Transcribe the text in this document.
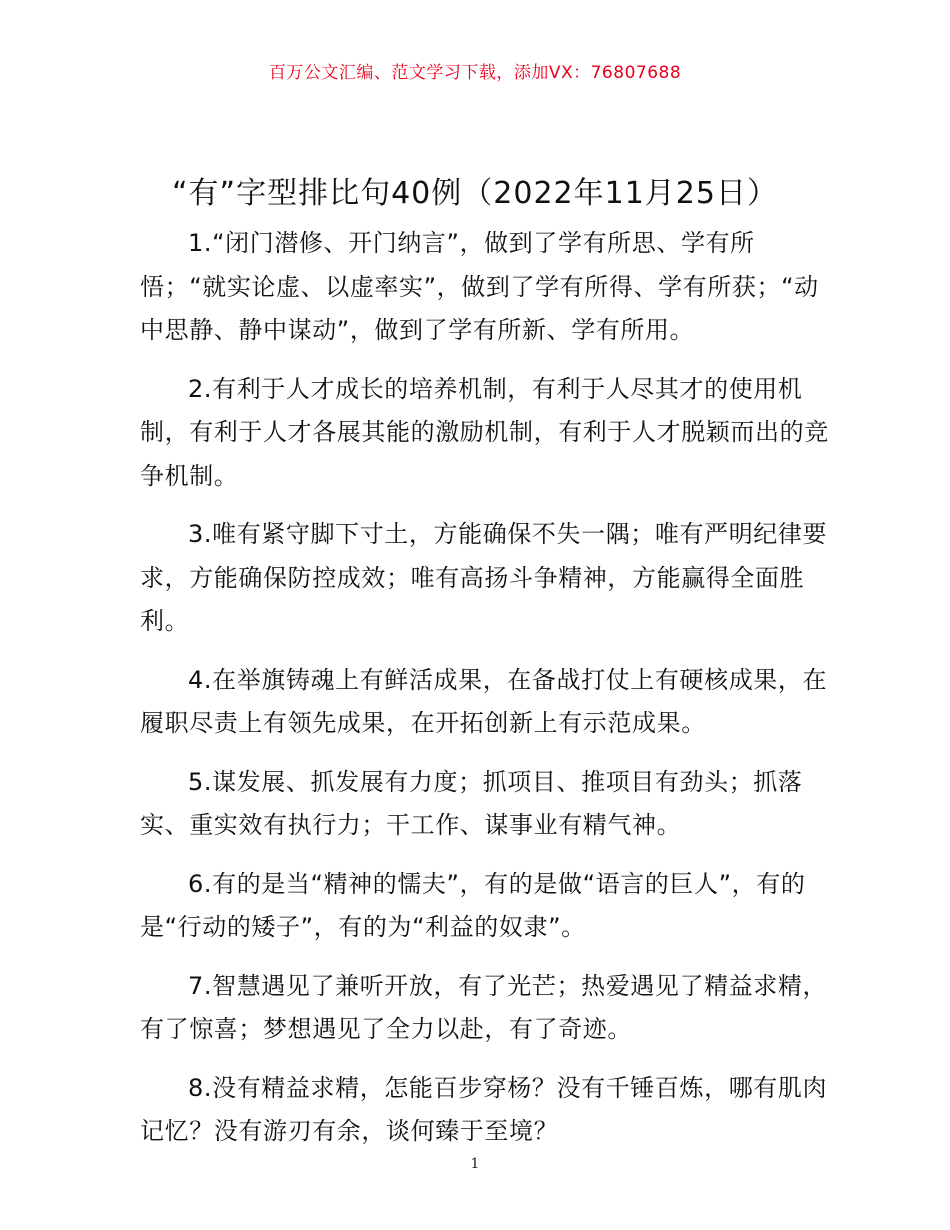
百万公文汇编、范文学习下载，添加VX：76807688
“有”字型排比句40例（2022年11月25日）

1.“闭门潜修、开门纳言”，做到了学有所思、学有所悟；“就实论虚、以虚率实”，做到了学有所得、学有所获；“动中思静、静中谋动”，做到了学有所新、学有所用。

2.有利于人才成长的培养机制，有利于人尽其才的使用机制，有利于人才各展其能的激励机制，有利于人才脱颖而出的竞争机制。

3.唯有紧守脚下寸土，方能确保不失一隅；唯有严明纪律要求，方能确保防控成效；唯有高扬斗争精神，方能赢得全面胜利。

4.在举旗铸魂上有鲜活成果，在备战打仗上有硬核成果，在履职尽责上有领先成果，在开拓创新上有示范成果。

5.谋发展、抓发展有力度；抓项目、推项目有劲头；抓落实、重实效有执行力；干工作、谋事业有精气神。

6.有的是当“精神的懦夫”，有的是做“语言的巨人”，有的是“行动的矮子”，有的为“利益的奴隶”。

7.智慧遇见了兼听开放，有了光芒；热爱遇见了精益求精，有了惊喜；梦想遇见了全力以赴，有了奇迹。

8.没有精益求精，怎能百步穿杨？没有千锤百炼，哪有肌肉记忆？没有游刃有余，谈何臻于至境？

1
